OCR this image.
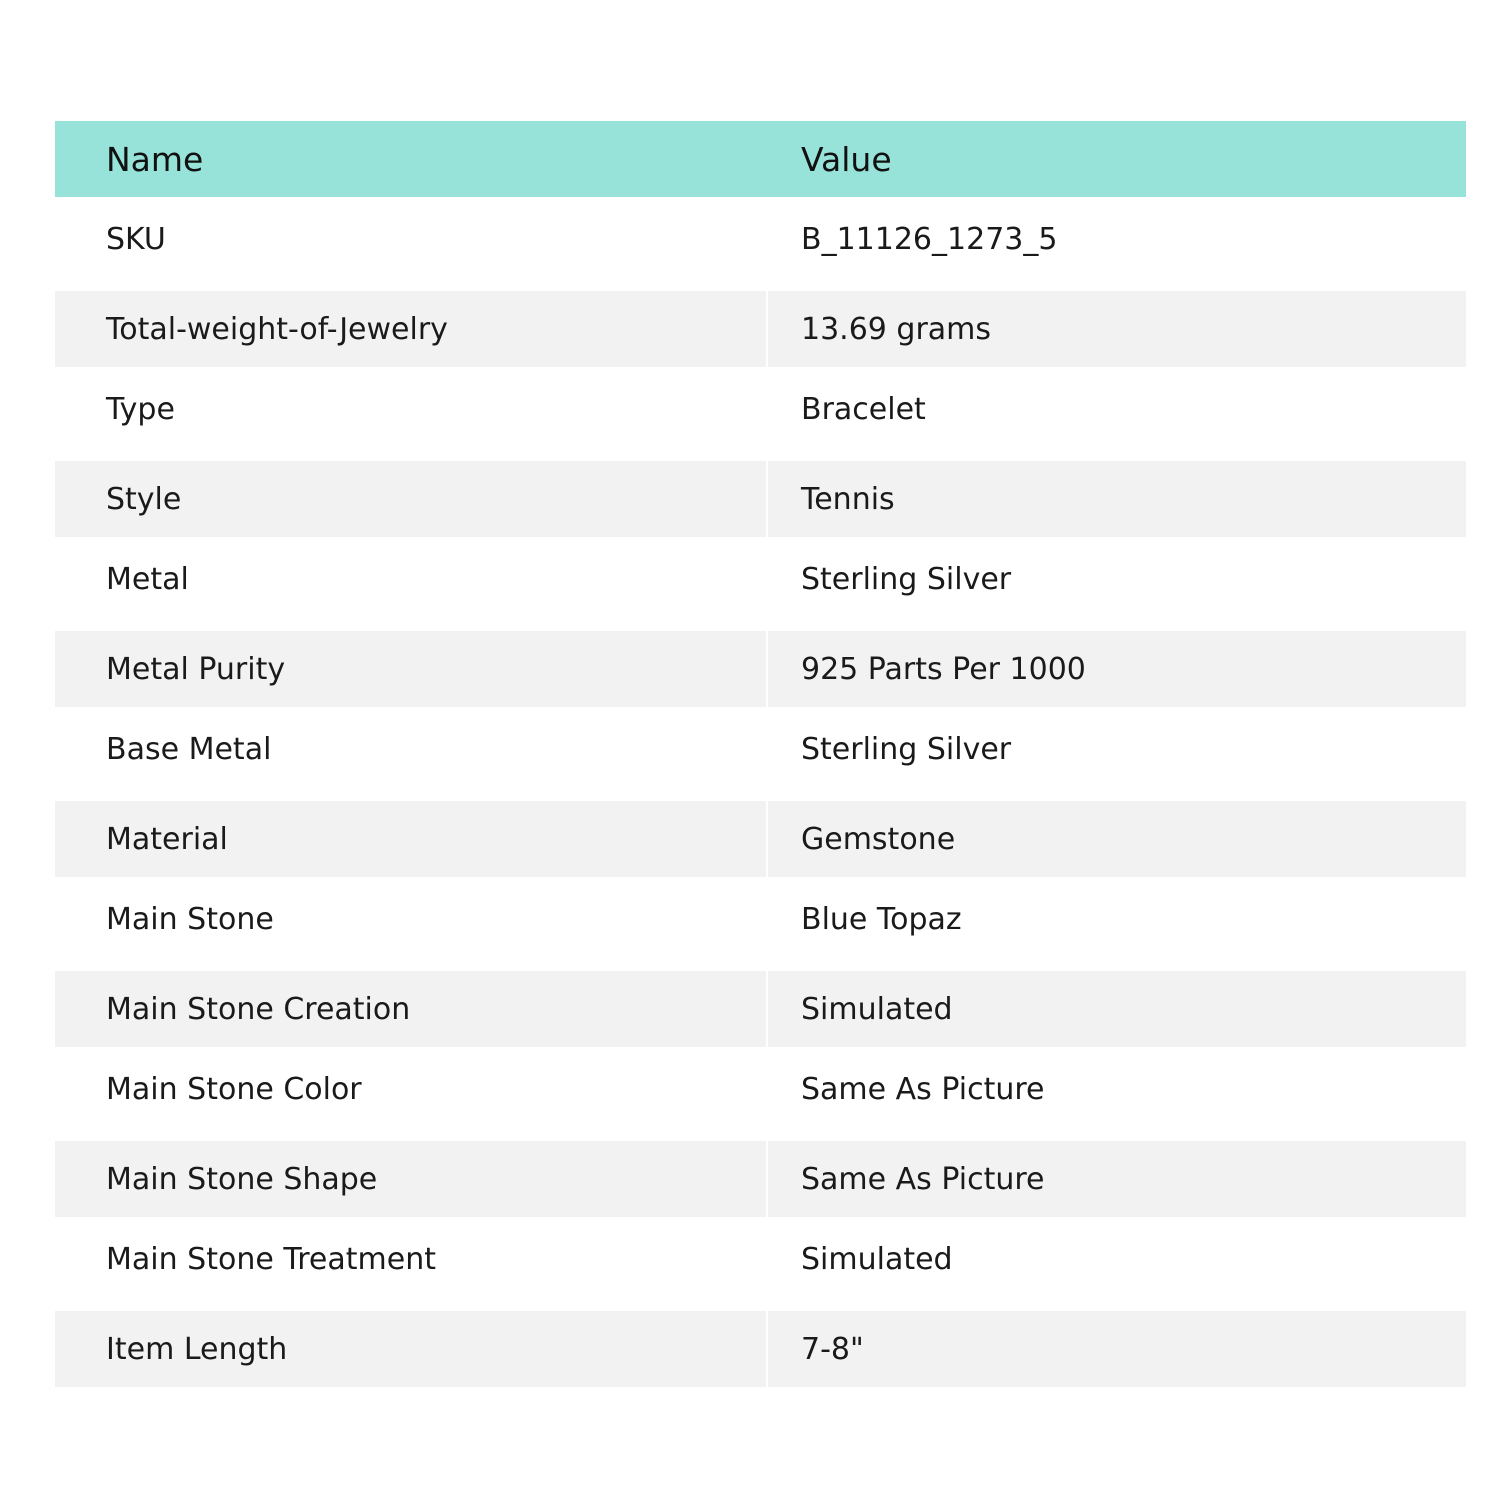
Name	Value
SKU	B_11126_1273_5
Total-weight-of-Jewelry	13.69 grams
Type	Bracelet
Style	Tennis
Metal	Sterling Silver
Metal Purity	925 Parts Per 1000
Base Metal	Sterling Silver
Material	Gemstone
Main Stone	Blue Topaz
Main Stone Creation	Simulated
Main Stone Color	Same As Picture
Main Stone Shape	Same As Picture
Main Stone Treatment	Simulated
Item Length	7-8"
